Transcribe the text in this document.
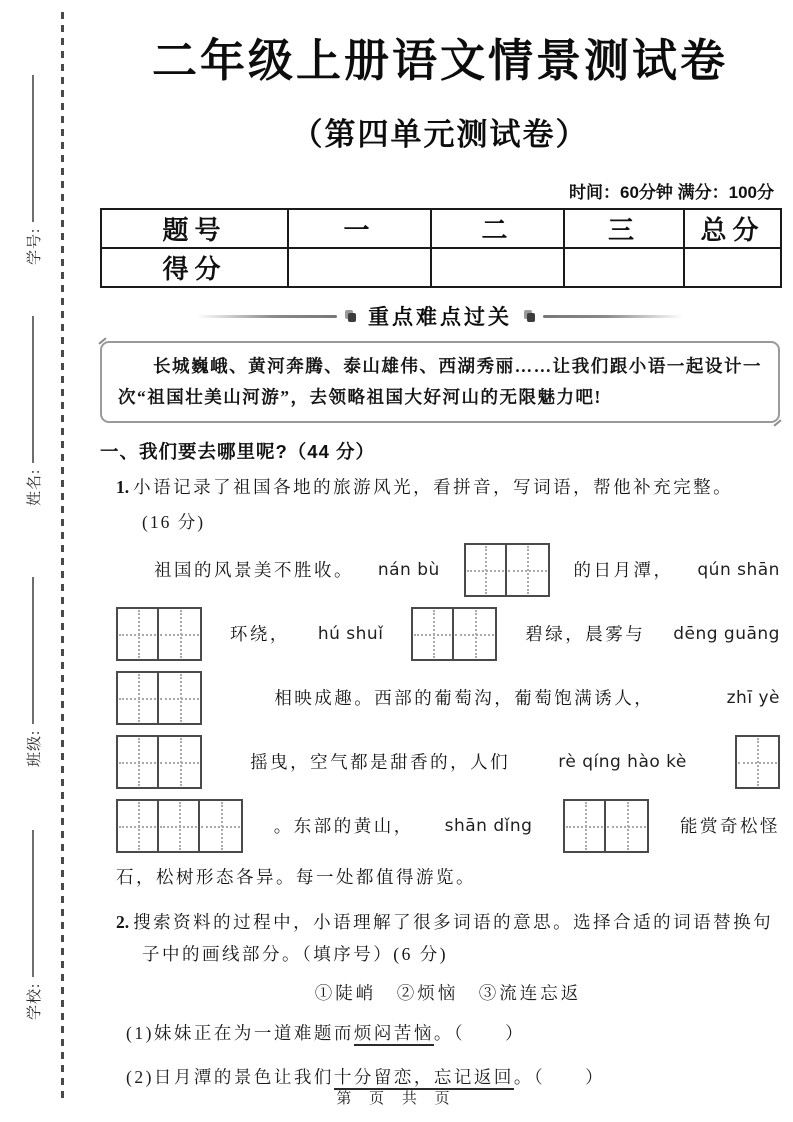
学号:
姓名:
班级:
学校:
二年级上册语文情景测试卷
（第四单元测试卷）
时间：60分钟 满分：100分
题号	一	二	三	总分
得分				
重点难点过关

长城巍峨、黄河奔腾、泰山雄伟、西湖秀丽……让我们跟小语一起设计一次“祖国壮美山河游”，去领略祖国大好河山的无限魅力吧!

一、我们要去哪里呢?（44 分）
1. 小语记录了祖国各地的旅游风光，看拼音，写词语，帮他补充完整。
(16 分)
祖国的风景美不胜收。 nán bù	的日月潭， qún shān
环绕， hú shuǐ	碧绿，晨雾与 dēng guāng
相映成趣。西部的葡萄沟，葡萄饱满诱人，	zhī yè
摇曳，空气都是甜香的，人们	rè qíng hào kè
。东部的黄山， shān dǐng	能赏奇松怪
石，松树形态各异。每一处都值得游览。
2. 搜索资料的过程中，小语理解了很多词语的意思。选择合适的词语替换句子中的画线部分。（填序号）(6 分)
①陡峭　②烦恼　③流连忘返
(1)妹妹正在为一道难题而烦闷苦恼。（　　）
(2)日月潭的景色让我们十分留恋，忘记返回。（　　）
第 页 共 页
